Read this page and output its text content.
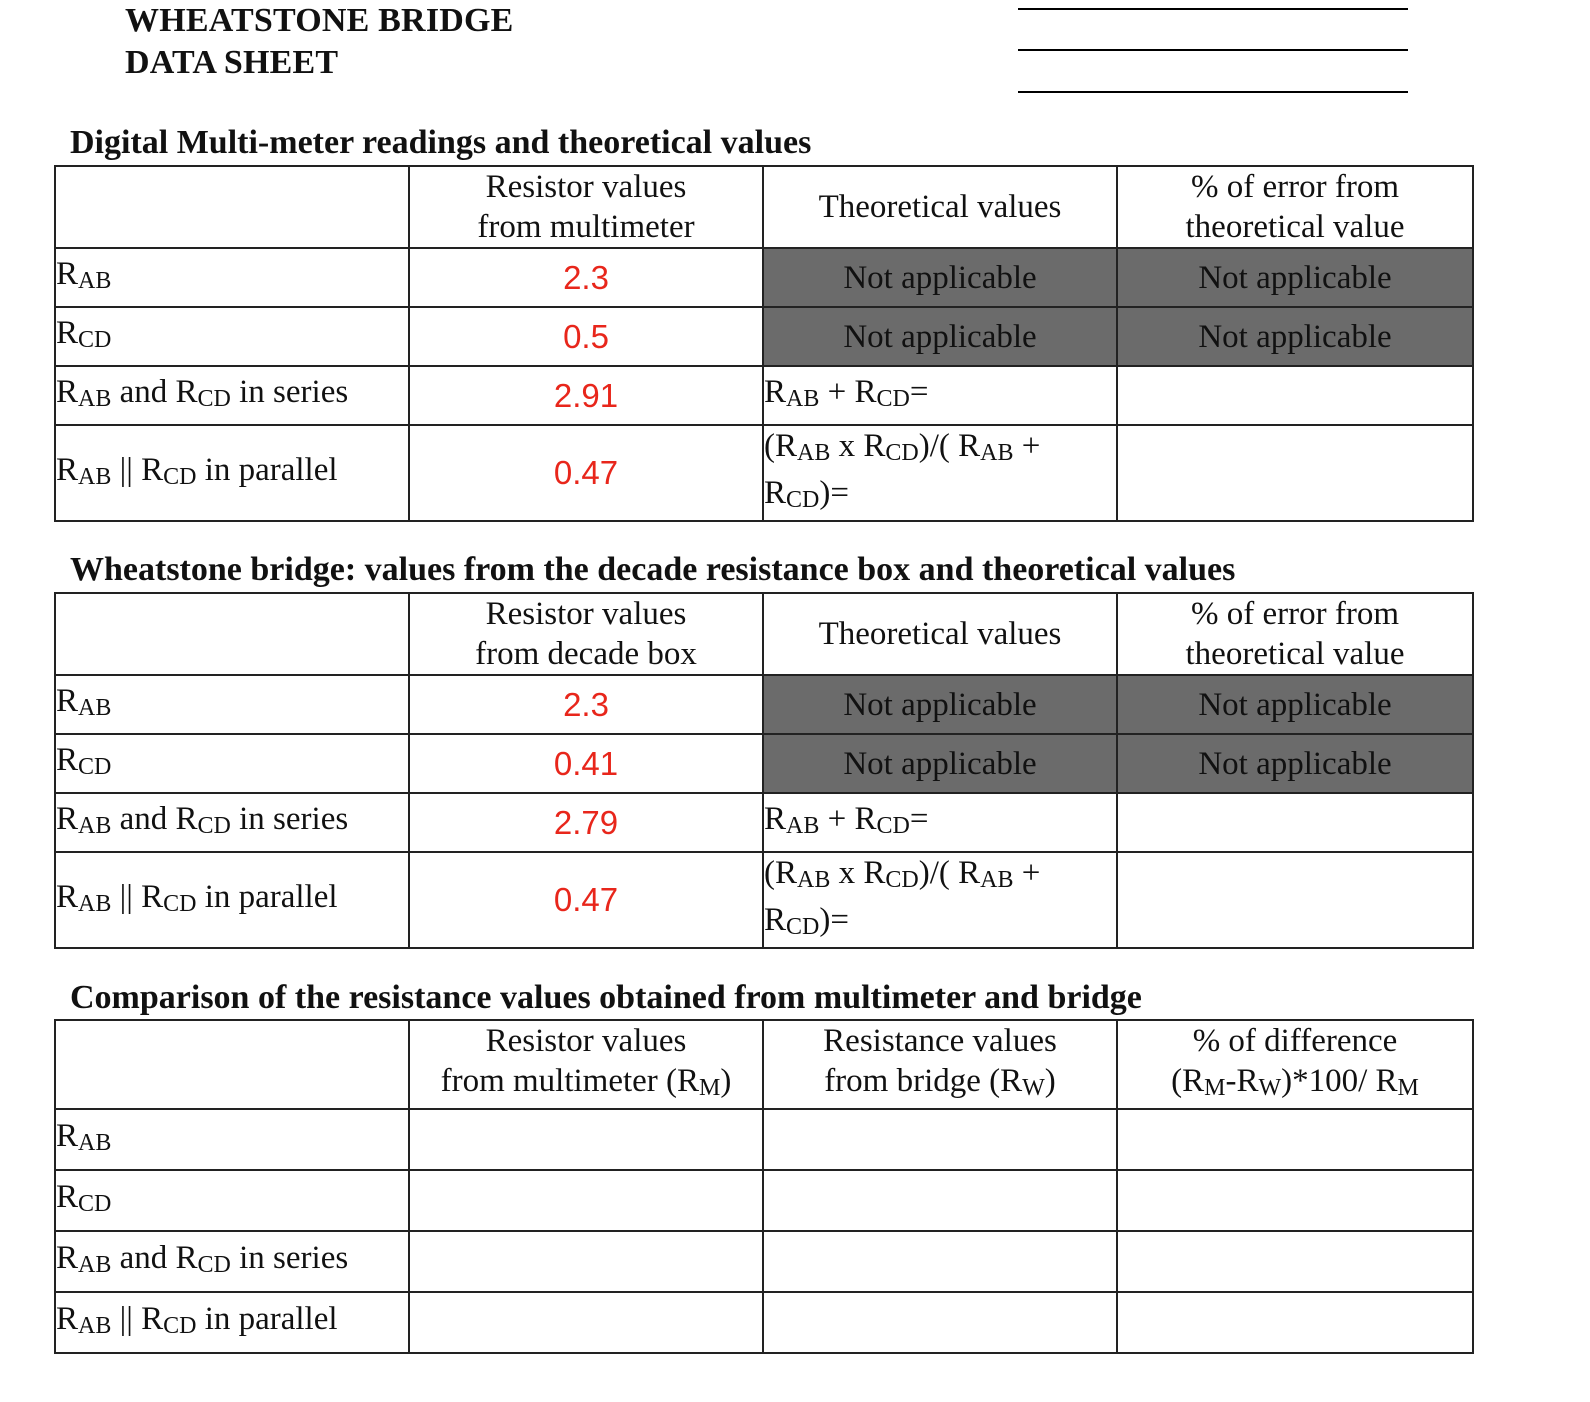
WHEATSTONE BRIDGE
DATA SHEET
Digital Multi-meter readings and theoretical values
	Resistor values
from multimeter	Theoretical values	% of error from
theoretical value
RAB	2.3	Not applicable	Not applicable
RCD	0.5	Not applicable	Not applicable
RAB and RCD in series	2.91	RAB + RCD=	
RAB || RCD in parallel	0.47	(RAB x RCD)/( RAB +
RCD)=	
Wheatstone bridge: values from the decade resistance box and theoretical values
	Resistor values
from decade box	Theoretical values	% of error from
theoretical value
RAB	2.3	Not applicable	Not applicable
RCD	0.41	Not applicable	Not applicable
RAB and RCD in series	2.79	RAB + RCD=	
RAB || RCD in parallel	0.47	(RAB x RCD)/( RAB +
RCD)=	
Comparison of the resistance values obtained from multimeter and bridge
	Resistor values
from multimeter (RM)	Resistance values
from bridge (RW)	% of difference
(RM-RW)*100/ RM
RAB			
RCD			
RAB and RCD in series			
RAB || RCD in parallel			
